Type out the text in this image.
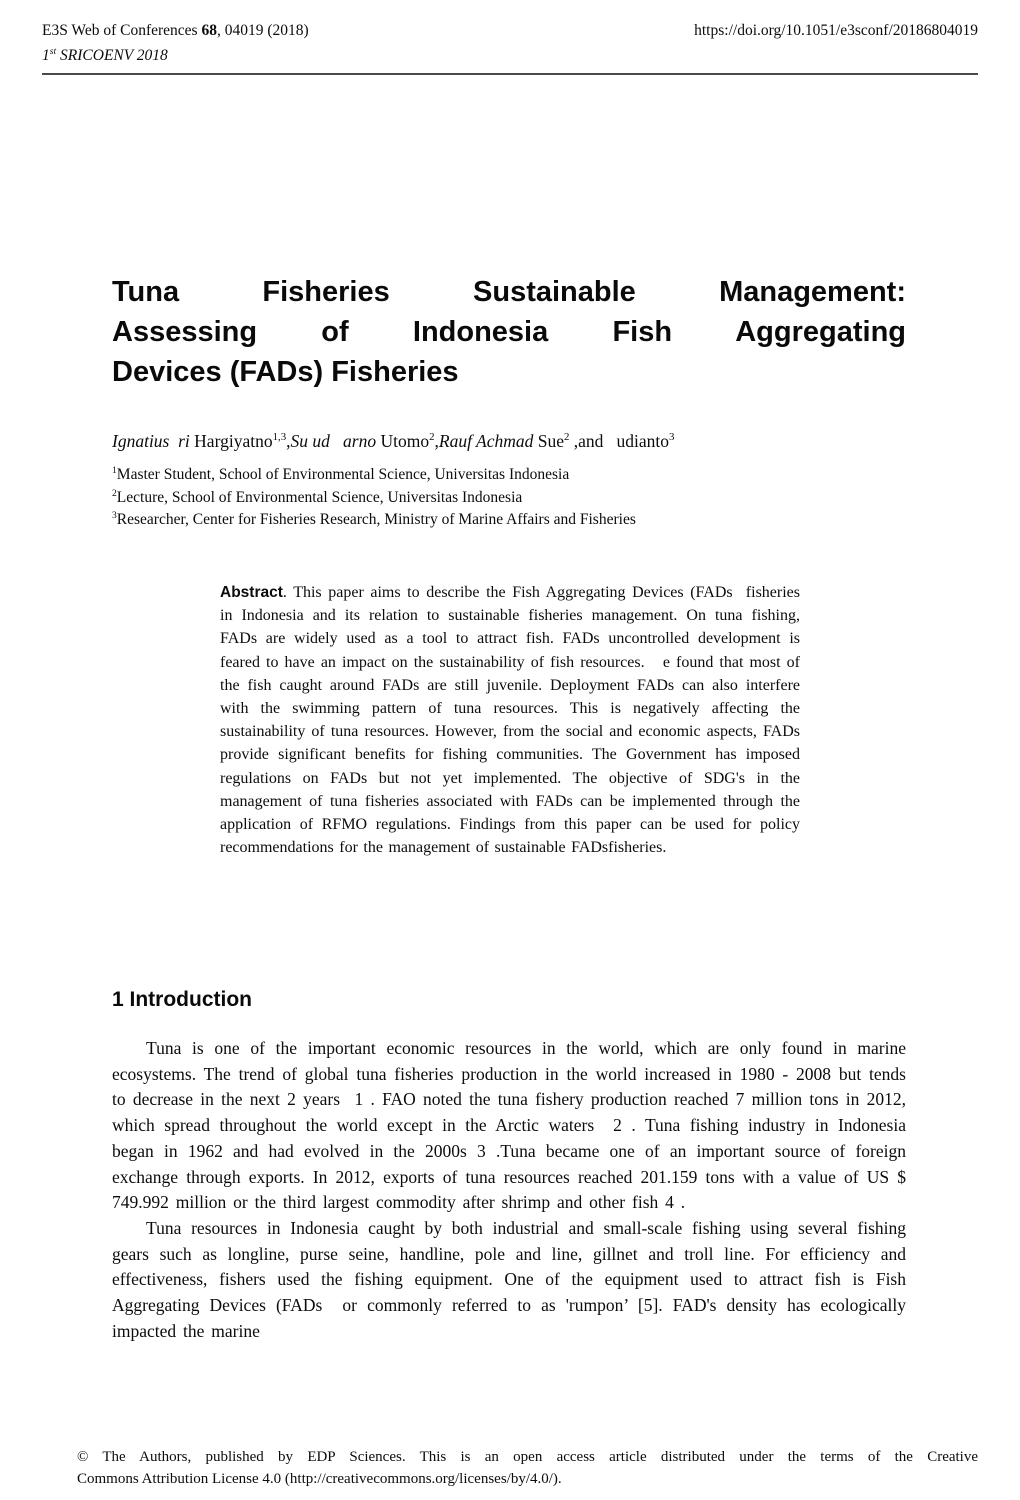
E3S Web of Conferences 68, 04019 (2018)	https://doi.org/10.1051/e3sconf/20186804019
1st SRICOENV 2018
Tuna Fisheries Sustainable Management:
Assessing of Indonesia Fish Aggregating
Devices (FADs) Fisheries
Ignatius  ri Hargiyatno$^{1,3}$,Su ud   arno Utomo$^2$,Rauf Achmad Sue$^2$ ,and   udianto$^3$
$^1$Master Student, School of Environmental Science, Universitas Indonesia
$^2$Lecture, School of Environmental Science, Universitas Indonesia
$^3$Researcher, Center for Fisheries Research, Ministry of Marine Affairs and Fisheries
Abstract. This paper aims to describe the Fish Aggregating Devices (FADs  fisheries in Indonesia and its relation to sustainable fisheries management. On tuna fishing, FADs are widely used as a tool to attract fish. FADs uncontrolled development is feared to have an impact on the sustainability of fish resources.   e found that most of the fish caught around FADs are still juvenile. Deployment FADs can also interfere with the swimming pattern of tuna resources. This is negatively affecting the sustainability of tuna resources. However, from the social and economic aspects, FADs provide significant benefits for fishing communities. The Government has imposed regulations on FADs but not yet implemented. The objective of SDG's in the management of tuna fisheries associated with FADs can be implemented through the application of RFMO regulations. Findings from this paper can be used for policy recommendations for the management of sustainable FADsfisheries.
1 Introduction

Tuna is one of the important economic resources in the world, which are only found in marine ecosystems. The trend of global tuna fisheries production in the world increased in 1980 - 2008 but tends to decrease in the next 2 years  1 . FAO noted the tuna fishery production reached 7 million tons in 2012, which spread throughout the world except in the Arctic waters  2 . Tuna fishing industry in Indonesia began in 1962 and had evolved in the 2000s 3 .Tuna became one of an important source of foreign exchange through exports. In 2012, exports of tuna resources reached 201.159 tons with a value of US $ 749.992 million or the third largest commodity after shrimp and other fish 4 .

Tuna resources in Indonesia caught by both industrial and small-scale fishing using several fishing gears such as longline, purse seine, handline, pole and line, gillnet and troll line. For efficiency and effectiveness, fishers used the fishing equipment. One of the equipment used to attract fish is Fish Aggregating Devices (FADs  or commonly referred to as 'rumpon’ [5]. FAD's density has ecologically impacted the marine

© The Authors, published by EDP Sciences. This is an open access article distributed under the terms of the Creative
Commons Attribution License 4.0 (http://creativecommons.org/licenses/by/4.0/).
